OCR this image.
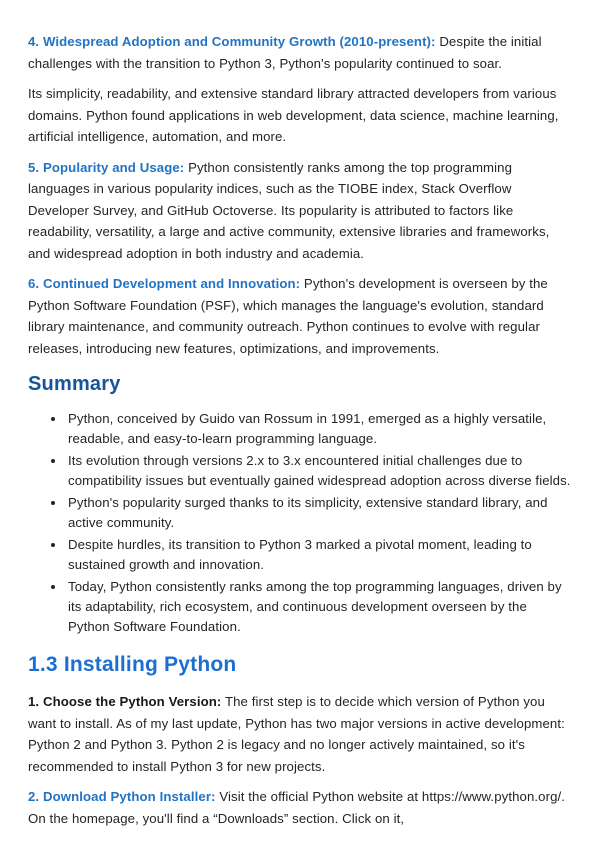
4. Widespread Adoption and Community Growth (2010-present): Despite the initial challenges with the transition to Python 3, Python's popularity continued to soar.

Its simplicity, readability, and extensive standard library attracted developers from various domains. Python found applications in web development, data science, machine learning, artificial intelligence, automation, and more.

5. Popularity and Usage: Python consistently ranks among the top programming languages in various popularity indices, such as the TIOBE index, Stack Overflow Developer Survey, and GitHub Octoverse. Its popularity is attributed to factors like readability, versatility, a large and active community, extensive libraries and frameworks, and widespread adoption in both industry and academia.

6. Continued Development and Innovation: Python's development is overseen by the Python Software Foundation (PSF), which manages the language's evolution, standard library maintenance, and community outreach. Python continues to evolve with regular releases, introducing new features, optimizations, and improvements.

Summary
• Python, conceived by Guido van Rossum in 1991, emerged as a highly versatile, readable, and easy-to-learn programming language.
• Its evolution through versions 2.x to 3.x encountered initial challenges due to compatibility issues but eventually gained widespread adoption across diverse fields.
• Python's popularity surged thanks to its simplicity, extensive standard library, and active community.
• Despite hurdles, its transition to Python 3 marked a pivotal moment, leading to sustained growth and innovation.
• Today, Python consistently ranks among the top programming languages, driven by its adaptability, rich ecosystem, and continuous development overseen by the Python Software Foundation.
1.3 Installing Python

1. Choose the Python Version: The first step is to decide which version of Python you want to install. As of my last update, Python has two major versions in active development: Python 2 and Python 3. Python 2 is legacy and no longer actively maintained, so it's recommended to install Python 3 for new projects.

2. Download Python Installer: Visit the official Python website at https://www.python.org/. On the homepage, you'll find a “Downloads” section. Click on it,
